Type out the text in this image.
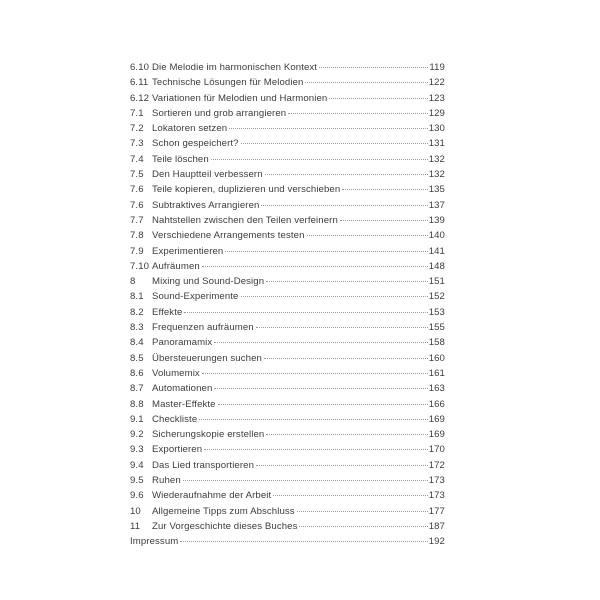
6.10 Die Melodie im harmonischen Kontext	119
6.11 Technische Lösungen für Melodien	122
6.12 Variationen für Melodien und Harmonien	123
7.1 Sortieren und grob arrangieren	129
7.2 Lokatoren setzen	130
7.3 Schon gespeichert?	131
7.4 Teile löschen	132
7.5 Den Hauptteil verbessern	132
7.6 Teile kopieren, duplizieren und verschieben	135
7.6 Subtraktives Arrangieren	137
7.7 Nahtstellen zwischen den Teilen verfeinern	139
7.8 Verschiedene Arrangements testen	140
7.9 Experimentieren	141
7.10 Aufräumen	148
8	Mixing und Sound-Design	151
8.1 Sound-Experimente	152
8.2 Effekte	153
8.3 Frequenzen aufräumen	155
8.4 Panoramamix	158
8.5 Übersteuerungen suchen	160
8.6 Volumemix	161
8.7 Automationen	163
8.8 Master-Effekte	166
9.1 Checkliste	169
9.2 Sicherungskopie erstellen	169
9.3 Exportieren	170
9.4 Das Lied transportieren	172
9.5 Ruhen	173
9.6 Wiederaufnahme der Arbeit	173
10	Allgemeine Tipps zum Abschluss	177
11	Zur Vorgeschichte dieses Buches	187
Impressum	192
